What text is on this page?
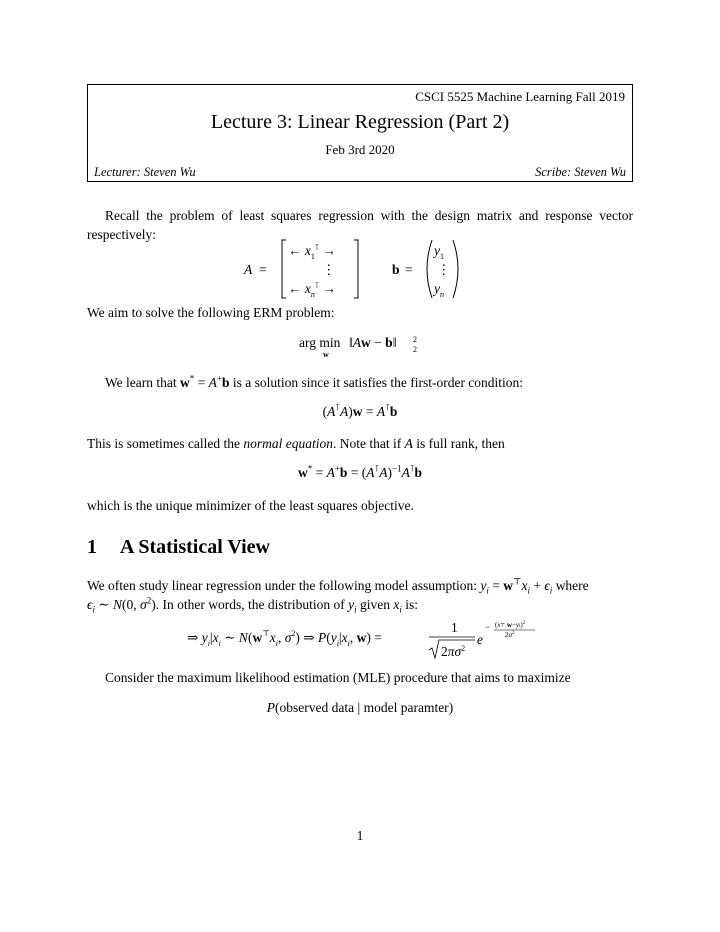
CSCI 5525 Machine Learning Fall 2019
Lecture 3: Linear Regression (Part 2)
Feb 3rd 2020
Lecturer: Steven Wu	Scribe: Steven Wu
Recall the problem of least squares regression with the design matrix and response vector respectively:
A =
← $x_1^⊺$ →
⋮
← $x_n^⊺$ →
b =
$y_1$
⋮
$y_n$
We aim to solve the following ERM problem:
arg min
w
‖Aw − b‖ 2
2
We learn that w* = A+b is a solution since it satisfies the first-order condition:
(A⊺A)w = A⊺b
This is sometimes called the normal equation. Note that if A is full rank, then
$w^* = A^+b = (A^⊺A)^{-1}A^⊺b$
which is the unique minimizer of the least squares objective.
1 A Statistical View
We often study linear regression under the following model assumption: $y_i = w^⊤x_i + \epsilon_i$ where
$\epsilon_i$ ∼ N(0, $\sigma^2$). In other words, the distribution of $y_i$ given $x_i$ is:
⇒ $y_i|x_i$ ∼ $N(w^⊤x_i$, $\sigma^2$) ⇒ $P(y_i|x_i$, w) =
1
$2\pi\sigma^2$
e
− (x⊤ w−yi)$^2$
$2\sigma^2$
Consider the maximum likelihood estimation (MLE) procedure that aims to maximize
P(observed data | model paramter)
1
